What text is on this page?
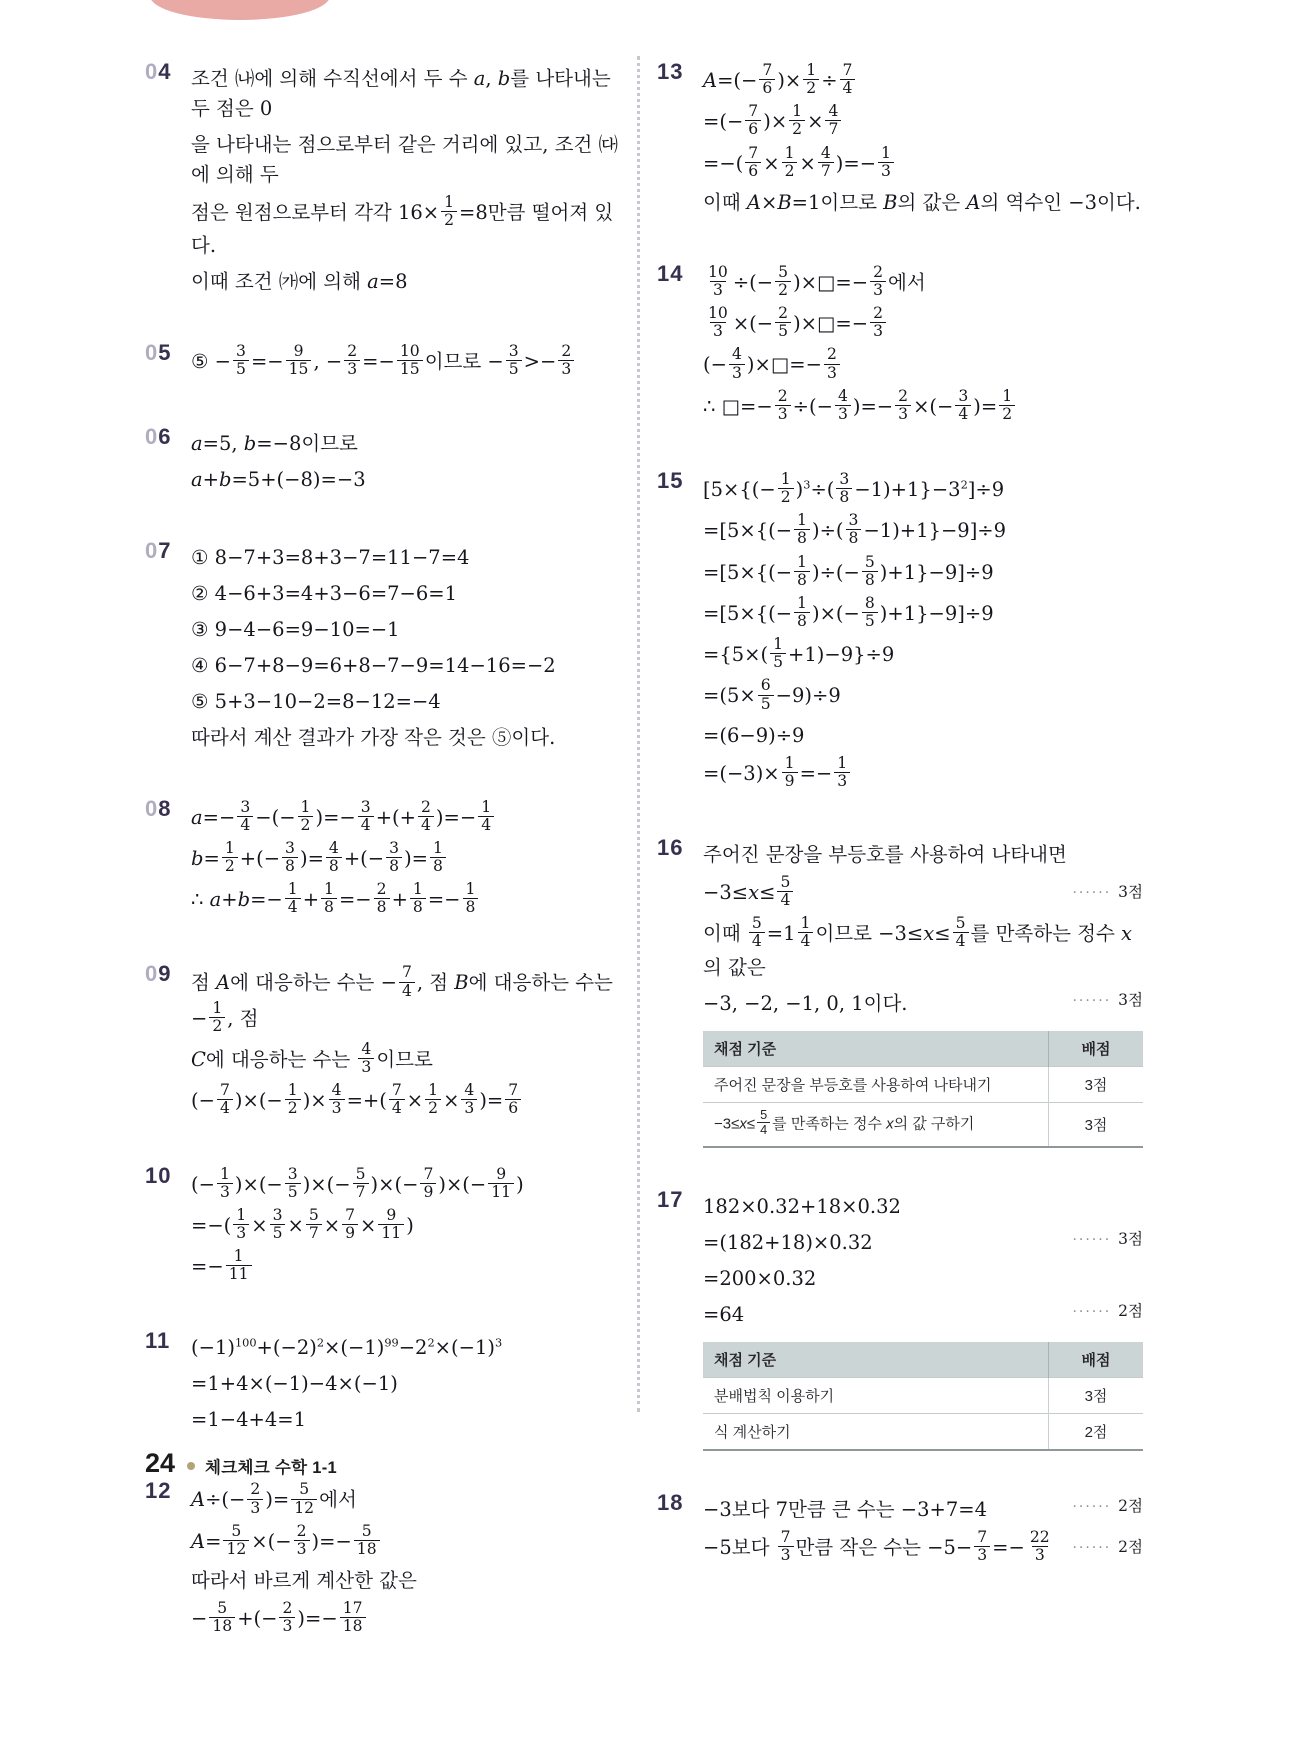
04	조건 ㈏에 의해 수직선에서 두 수 a, b를 나타내는 두 점은 0
을 나타내는 점으로부터 같은 거리에 있고, 조건 ㈐에 의해 두
점은 원점으로부터 각각 $16\times \frac{1}{2} =8$만큼 떨어져 있다.
이때 조건 ㈎에 의해 a=8
05	⑤ − $\frac{3}{5} =- \frac{9}{15}$ , − $\frac{2}{3} =- \frac{10}{15}$ 이므로 − $\frac{3}{5} >- \frac{2}{3}$
06	a=5, b=−8이므로
a+b=5+(−8)=−3
07	① 8−7+3=8+3−7=11−7=4
② 4−6+3=4+3−6=7−6=1
③ 9−4−6=9−10=−1
④ 6−7+8−9=6+8−7−9=14−16=−2
⑤ 5+3−10−2=8−12=−4
따라서 계산 결과가 가장 작은 것은 ⑤이다.
08	$a=- \frac{3}{4}$ −(− $\frac{1}{2}$ )=− $\frac{3}{4}$ +(+ $\frac{2}{4}$ )=− $\frac{1}{4}$
$b= \frac{1}{2}$ +(− $\frac{3}{8}$ )= $\frac{4}{8}$ +(− $\frac{3}{8}$ )= $\frac{1}{8}$
∴ $a+b=- \frac{1}{4} + \frac{1}{8} =- \frac{2}{8} + \frac{1}{8} =- \frac{1}{8}$
09	점 A에 대응하는 수는 − $\frac{7}{4}$ , 점 B에 대응하는 수는 − $\frac{1}{2}$ , 점
C에 대응하는 수는 $\frac{4}{3}$ 이므로
(− $\frac{7}{4}$ )×(− $\frac{1}{2}$ )× $\frac{4}{3}$ =+( $\frac{7}{4} \times \frac{1}{2} \times \frac{4}{3}$ )= $\frac{7}{6}$
10	(− $\frac{1}{3}$ )×(− $\frac{3}{5}$ )×(− $\frac{5}{7}$ )×(− $\frac{7}{9}$ )×(− $\frac{9}{11}$ )
=−( $\frac{1}{3} \times \frac{3}{5} \times \frac{5}{7} \times \frac{7}{9} \times \frac{9}{11}$ )
=− $\frac{1}{11}$
11	$(-1)^{100}+(-2)^2\times(-1)^{99}-2^2\times(-1)^3$
=1+4×(−1)−4×(−1)
=1−4+4=1
12	$A\div(- \frac{2}{3}$ )= $\frac{5}{12}$ 에서
$A= \frac{5}{12}$ ×(− $\frac{2}{3}$ )=− $\frac{5}{18}$
따라서 바르게 계산한 값은
− $\frac{5}{18}$ +(− $\frac{2}{3}$ )=− $\frac{17}{18}$
13	$A=(- \frac{7}{6}$ )× $\frac{1}{2} \div \frac{7}{4}$
=(− $\frac{7}{6}$ )× $\frac{1}{2} \times \frac{4}{7}$
=−( $\frac{7}{6} \times \frac{1}{2} \times \frac{4}{7}$ )=− $\frac{1}{3}$
이때 A×B=1이므로 B의 값은 A의 역수인 −3이다.
14	$\frac{10}{3}$ ÷(− $\frac{5}{2}$ )×□=− $\frac{2}{3}$ 에서
$\frac{10}{3}$ ×(− $\frac{2}{5}$ )×□=− $\frac{2}{3}$
(− $\frac{4}{3}$ )×□=− $\frac{2}{3}$
∴ □=− $\frac{2}{3}$ ÷(− $\frac{4}{3}$ )=− $\frac{2}{3}$ ×(− $\frac{3}{4}$ )= $\frac{1}{2}$
15	$[5\times\{(- \frac{1}{2} )^3\div( \frac{3}{8} -1)+1\}-3^2]\div 9$
$=[5\times\{(- \frac{1}{8}$ )÷( $\frac{3}{8} -1)+1\}-9]\div 9$
$=[5\times\{(- \frac{1}{8}$ )÷(− $\frac{5}{8} )+1\}-9]\div 9$
$=[5\times\{(- \frac{1}{8}$ )×(− $\frac{8}{5} )+1\}-9]\div 9$
$=\{5\times( \frac{1}{5} +1)-9\}\div 9$
$=(5\times \frac{6}{5} -9)\div 9$
=(6−9)÷9
$=(-3)\times \frac{1}{9} =- \frac{1}{3}$
16	주어진 문장을 부등호를 사용하여 나타내면
$-3\le x\le \frac{5}{4}$	······ 3점
이때 $\frac{5}{4} =1 \frac{1}{4}$ 이므로 $-3\le x\le \frac{5}{4}$ 를 만족하는 정수 x의 값은
−3, −2, −1, 0, 1이다.	······ 3점
채점 기준	배점
주어진 문장을 부등호를 사용하여 나타내기	3점
$-3\le x\le \frac{5}{4}$ 를 만족하는 정수 x의 값 구하기	3점
17	182×0.32+18×0.32
=(182+18)×0.32	······ 3점
=200×0.32
=64	······ 2점
채점 기준	배점
분배법칙 이용하기	3점
식 계산하기	2점
18	−3보다 7만큼 큰 수는 −3+7=4	······ 2점
−5보다 $\frac{7}{3}$ 만큼 작은 수는 $-5- \frac{7}{3} =- \frac{22}{3}$ ······ 2점
24 체크체크 수학 1-1
